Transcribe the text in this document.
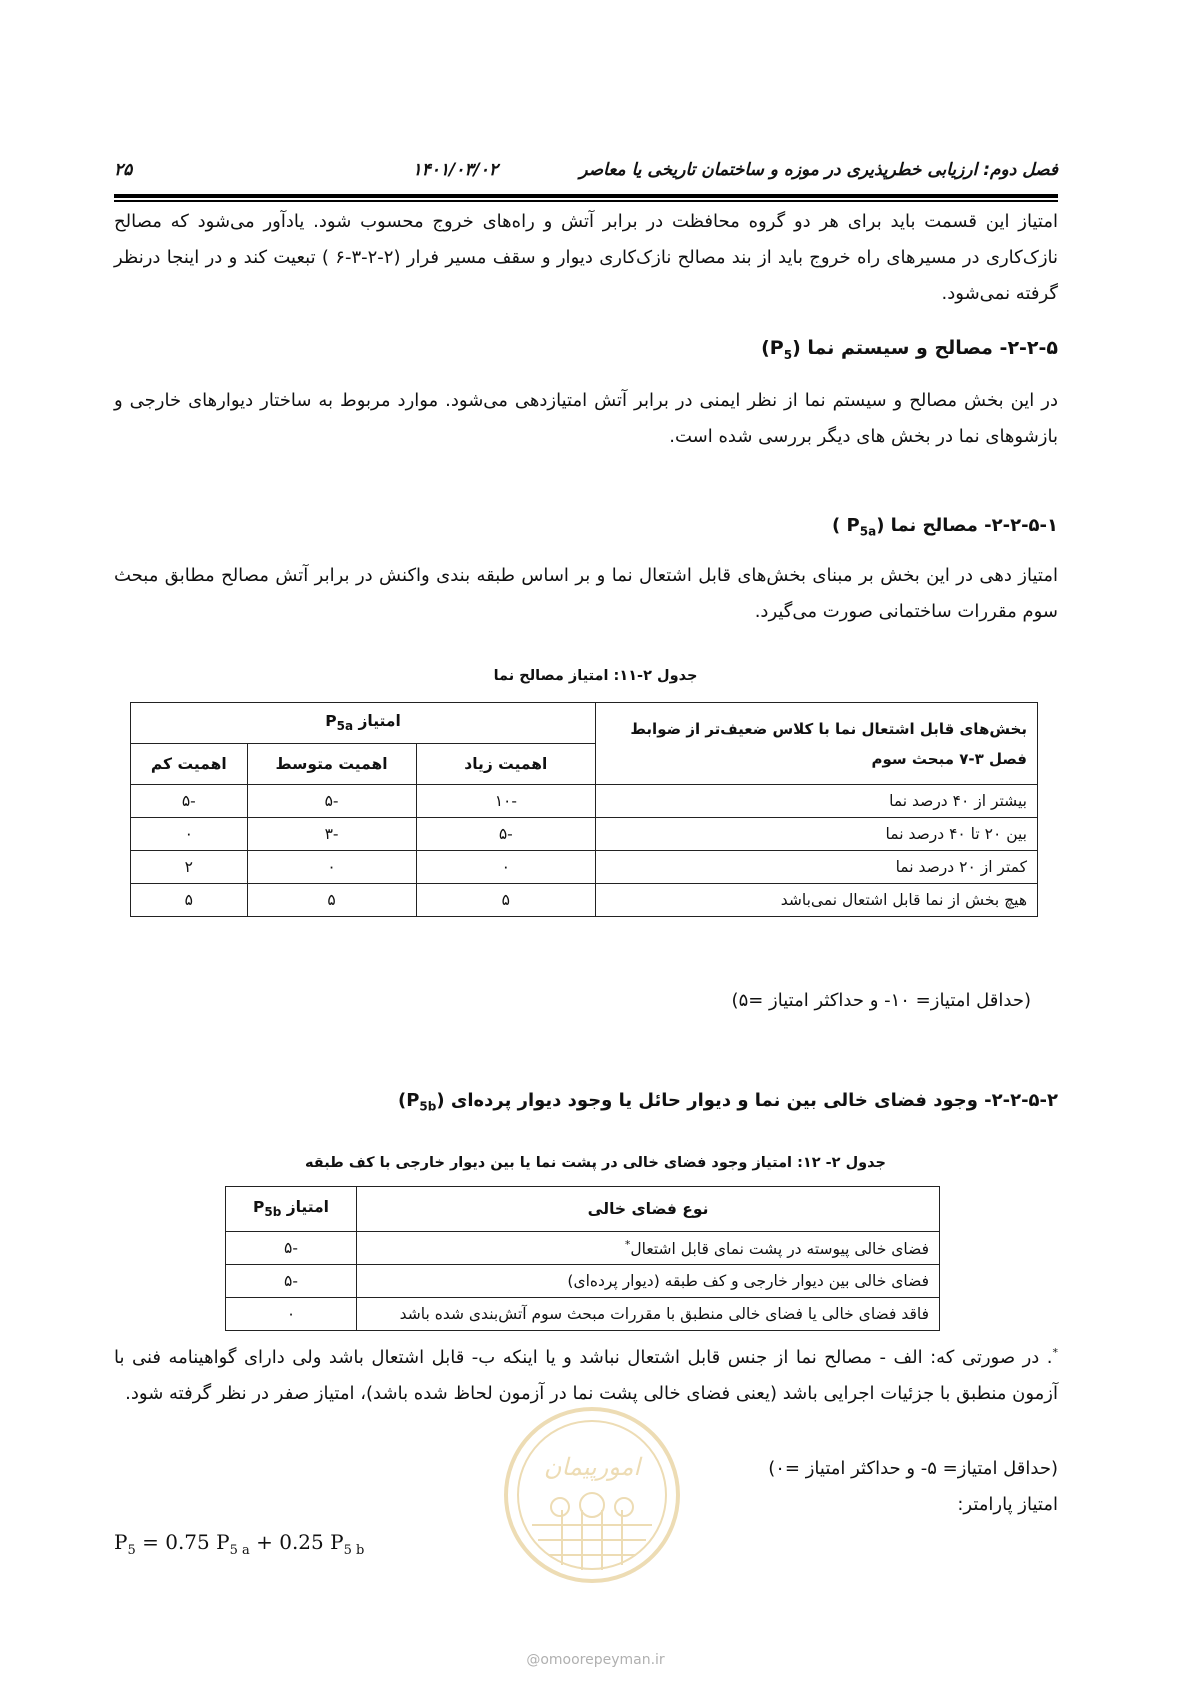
فصل دوم: ارزیابی خطرپذیری در موزه و ساختمان تاریخی یا معاصر
۱۴۰۱/۰۳/۰۲
۲۵
امتیاز این قسمت باید برای هر دو گروه محافظت در برابر آتش و راه‌های خروج محسوب شود. یادآور می‌شود که مصالح نازک‌کاری در مسیرهای راه خروج باید از بند مصالح نازک‌کاری دیوار و سقف مسیر فرار (۲-۲-۳-۶ ) تبعیت کند و در اینجا درنظر گرفته نمی‌شود.
۲-۲-۵- مصالح و سیستم نما $(P_5)$
در این بخش مصالح و سیستم نما از نظر ایمنی در برابر آتش امتیازدهی می‌شود. موارد مربوط به ساختار دیوارهای خارجی و بازشوهای نما در بخش های دیگر بررسی شده است.
۲-۲-۵-۱- مصالح نما ($P_{5a}$ )
امتیاز دهی در این بخش بر مبنای بخش‌های قابل اشتعال نما و بر اساس طبقه بندی واکنش در برابر آتش مصالح مطابق مبحث سوم مقررات ساختمانی صورت می‌گیرد.
جدول ۲-۱۱: امتیاز مصالح نما
بخش‌های قابل اشتعال نما با کلاس ضعیف‌تر از ضوابط فصل ۳-۷ مبحث سوم	امتیاز $P_{5a}$
	اهمیت زیاد	اهمیت متوسط	اهمیت کم
بیشتر از ۴۰ درصد نما	-۱۰	-۵	-۵
بین ۲۰ تا ۴۰ درصد نما	-۵	-۳	۰
کمتر از ۲۰ درصد نما	۰	۰	۲
هیچ بخش از نما قابل اشتعال نمی‌باشد	۵	۵	۵
(حداقل امتیاز= ۱۰- و حداکثر امتیاز =۵)
۲-۲-۵-۲- وجود فضای خالی بین نما و دیوار حائل یا وجود دیوار پرده‌ای $(P_{5b})$
جدول ۲- ۱۲: امتیاز وجود فضای خالی در پشت نما یا بین دیوار خارجی با کف طبقه
نوع فضای خالی	امتیاز $P_{5b}$
فضای خالی پیوسته در پشت نمای قابل اشتعال*	-۵
فضای خالی بین دیوار خارجی و کف طبقه (دیوار پرده‌ای)	-۵
فاقد فضای خالی یا فضای خالی منطبق با مقررات مبحث سوم آتش‌بندی شده باشد	۰
*. در صورتی که: الف - مصالح نما از جنس قابل اشتعال نباشد و یا اینکه ب- قابل اشتعال باشد ولی دارای گواهینامه فنی با آزمون منطبق با جزئیات اجرایی باشد (یعنی فضای خالی پشت نما در آزمون لحاظ شده باشد)، امتیاز صفر در نظر گرفته شود.
(حداقل امتیاز= ۵- و حداکثر امتیاز =۰)
امتیاز پارامتر:
$P_5 = 0.75$ $P_{5 a} + 0.25$ $P_{5 b}$
امورپیمان
@omoorepeyman.ir
